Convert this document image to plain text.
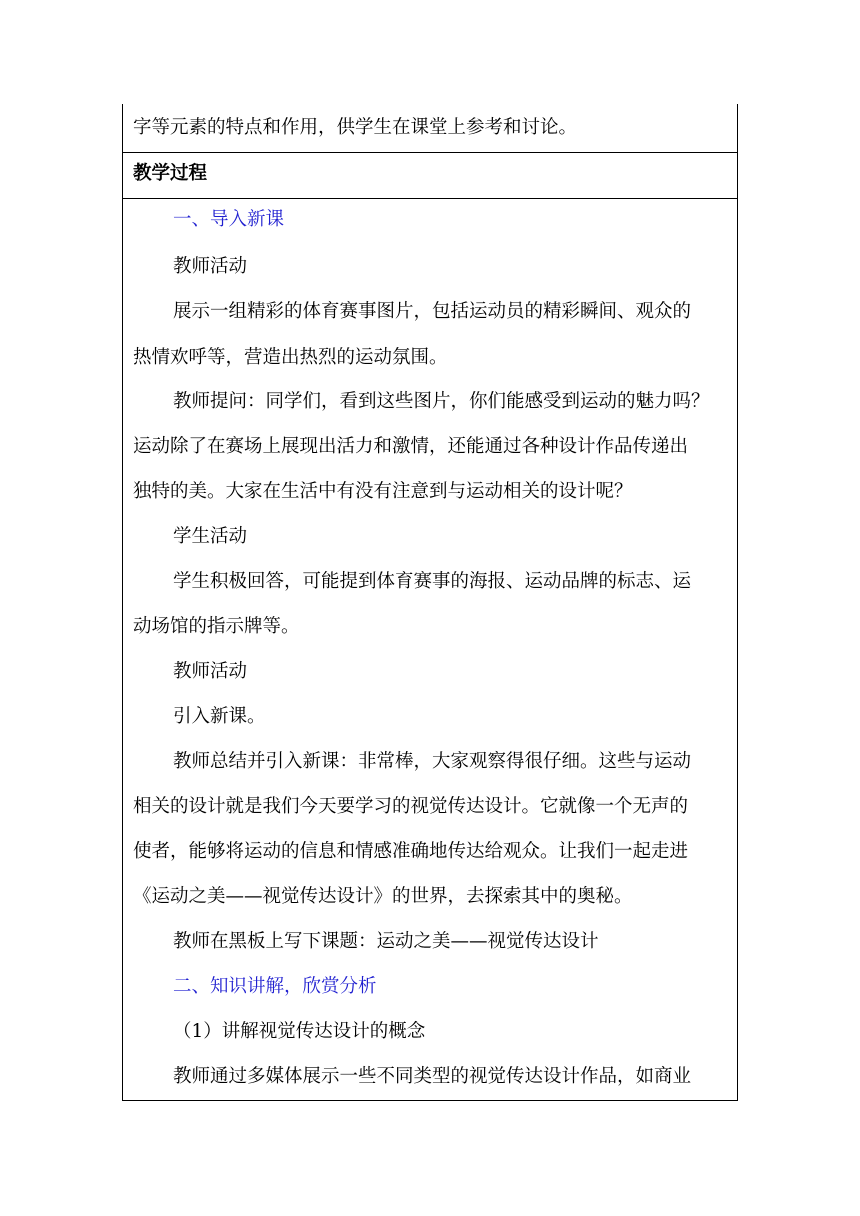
字等元素的特点和作用，供学生在课堂上参考和讨论。
教学过程
一、导入新课
教师活动
展示一组精彩的体育赛事图片，包括运动员的精彩瞬间、观众的
热情欢呼等，营造出热烈的运动氛围。
教师提问：同学们，看到这些图片，你们能感受到运动的魅力吗？
运动除了在赛场上展现出活力和激情，还能通过各种设计作品传递出
独特的美。大家在生活中有没有注意到与运动相关的设计呢？
学生活动
学生积极回答，可能提到体育赛事的海报、运动品牌的标志、运
动场馆的指示牌等。
教师活动
引入新课。
教师总结并引入新课：非常棒，大家观察得很仔细。这些与运动
相关的设计就是我们今天要学习的视觉传达设计。它就像一个无声的
使者，能够将运动的信息和情感准确地传达给观众。让我们一起走进
《运动之美——视觉传达设计》的世界，去探索其中的奥秘。
教师在黑板上写下课题：运动之美——视觉传达设计
二、知识讲解，欣赏分析
（1）讲解视觉传达设计的概念
教师通过多媒体展示一些不同类型的视觉传达设计作品，如商业
